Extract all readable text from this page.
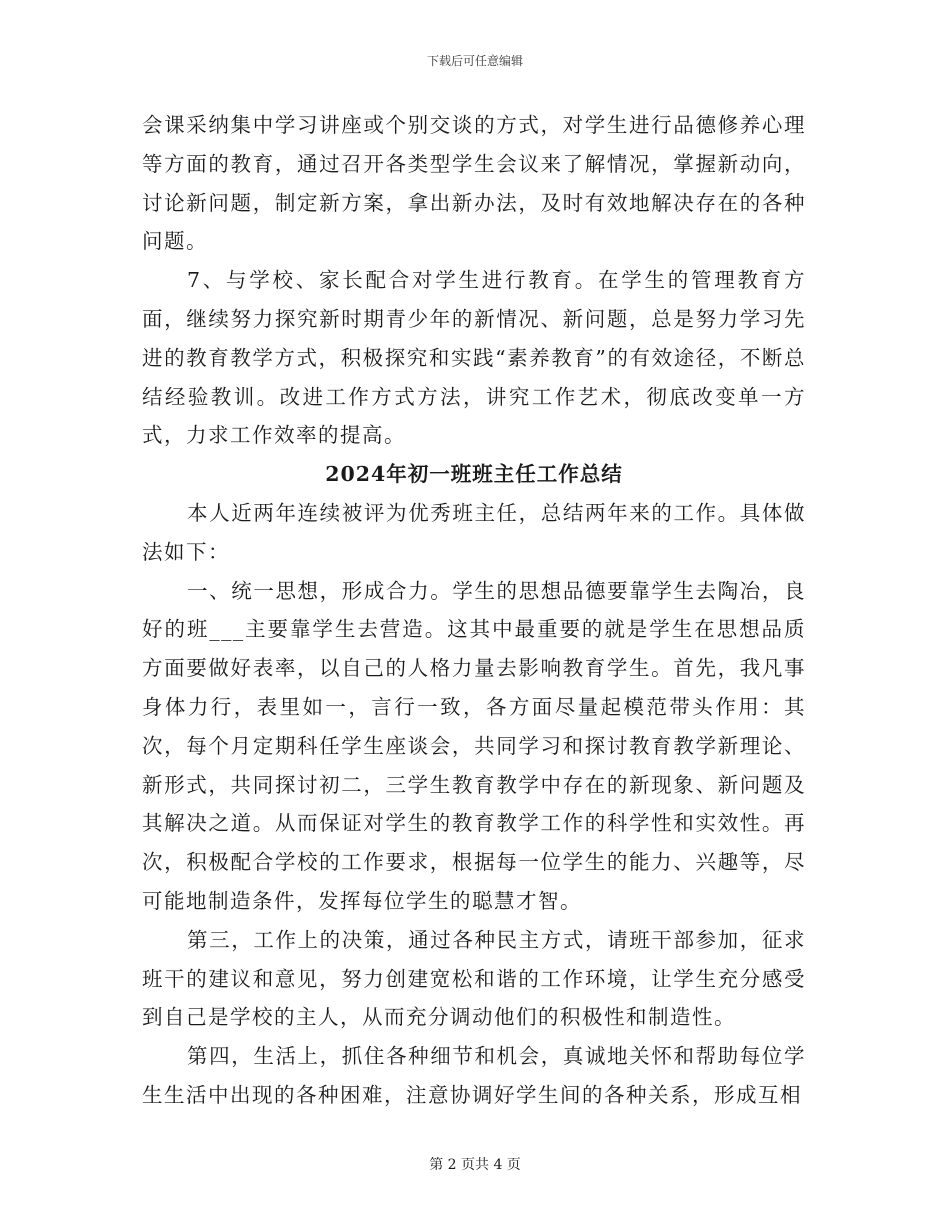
下载后可任意编辑

会课采纳集中学习讲座或个别交谈的方式，对学生进行品德修养心理等方面的教育，通过召开各类型学生会议来了解情况，掌握新动向，讨论新问题，制定新方案，拿出新办法，及时有效地解决存在的各种问题。

7、与学校、家长配合对学生进行教育。在学生的管理教育方面，继续努力探究新时期青少年的新情况、新问题，总是努力学习先进的教育教学方式，积极探究和实践“素养教育”的有效途径，不断总结经验教训。改进工作方式方法，讲究工作艺术，彻底改变单一方式，力求工作效率的提高。

2024年初一班班主任工作总结

本人近两年连续被评为优秀班主任，总结两年来的工作。具体做法如下：

一、统一思想，形成合力。学生的思想品德要靠学生去陶冶，良好的班___主要靠学生去营造。这其中最重要的就是学生在思想品质方面要做好表率，以自己的人格力量去影响教育学生。首先，我凡事身体力行，表里如一，言行一致，各方面尽量起模范带头作用：其次，每个月定期科任学生座谈会，共同学习和探讨教育教学新理论、新形式，共同探讨初二，三学生教育教学中存在的新现象、新问题及其解决之道。从而保证对学生的教育教学工作的科学性和实效性。再次，积极配合学校的工作要求，根据每一位学生的能力、兴趣等，尽可能地制造条件，发挥每位学生的聪慧才智。

第三，工作上的决策，通过各种民主方式，请班干部参加，征求班干的建议和意见，努力创建宽松和谐的工作环境，让学生充分感受到自己是学校的主人，从而充分调动他们的积极性和制造性。

第四，生活上，抓住各种细节和机会，真诚地关怀和帮助每位学生生活中出现的各种困难，注意协调好学生间的各种关系，形成互相

第 2 页共 4 页
